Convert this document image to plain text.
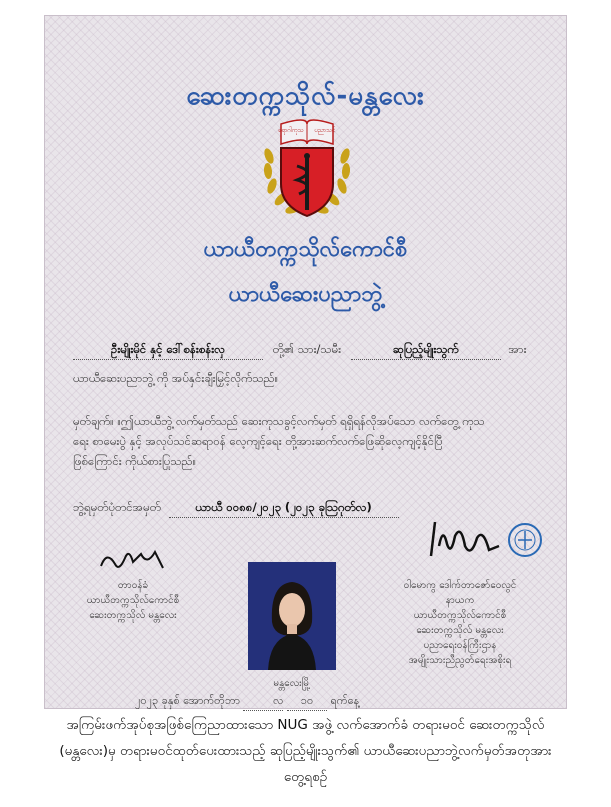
ဆေးတက္ကသိုလ်-မန္တလေး
ရောဂါကုသ	ပညာသင်
ယာယီတက္ကသိုလ်ကောင်စီ
ယာယီဆေးပညာဘွဲ့
ဦးမျိုးမိုင် နှင့် ဒေါ်စန်းစန်းလှ	တို့၏ သား/သမီး	ဆုပြည့်မျိုးသွက်	အား
ယာယီဆေးပညာဘွဲ့ ကို အပ်နှင်းချီးမြှင့်လိုက်သည်။
မှတ်ချက်။ ။ဤယာယီဘွဲ့ လက်မှတ်သည် ဆေးကုသခွင့်လက်မှတ် ရရှိရန်လိုအပ်သော လက်တွေ့ ကုသ
ရေး စာမေးပွဲ နှင့် အလုပ်သင်ဆရာဝန် လေ့ကျင့်ရေး တို့အားဆက်လက်ဖြေဆိုလေ့ကျင့်နိုင်ပြီ
ဖြစ်ကြောင်း ကိုယ်စားပြုသည်။
ဘွဲ့ရမှတ်ပုံတင်အမှတ်	ယာယီ ၀၀၈၈/၂၀၂၃ (၂၀၂၃ ခုဩဂုတ်လ)
တာဝန်ခံ
ယာယီတက္ကသိုလ်ကောင်စီ
ဆေးတက္ကသိုလ် မန္တလေး
ဝါမောကွ ဒေါက်တာဇော်ဝေလွင်
နာယက
ယာယီတက္ကသိုလ်ကောင်စီ
ဆေးတက္ကသိုလ် မန္တလေး
ပညာရေးဝန်ကြီးဌာန
အမျိုးသားညီညွတ်ရေးအစိုးရ
မန္တလေးမြို့
၂၀၂၃ ခုနှစ် အောက်တိုဘာ	လ ၁၀ ရက်နေ့
အကြမ်းဖက်အုပ်စုအဖြစ်ကြေညာထားသော NUG အဖွဲ့ လက်အောက်ခံ တရားမဝင် ဆေးတက္ကသိုလ်
(မန္တလေး)မှ တရားမဝင်ထုတ်ပေးထားသည့် ဆုပြည့်မျိုးသွက်၏ ယာယီဆေးပညာဘွဲ့လက်မှတ်အတုအား
တွေ့ရစဉ်
